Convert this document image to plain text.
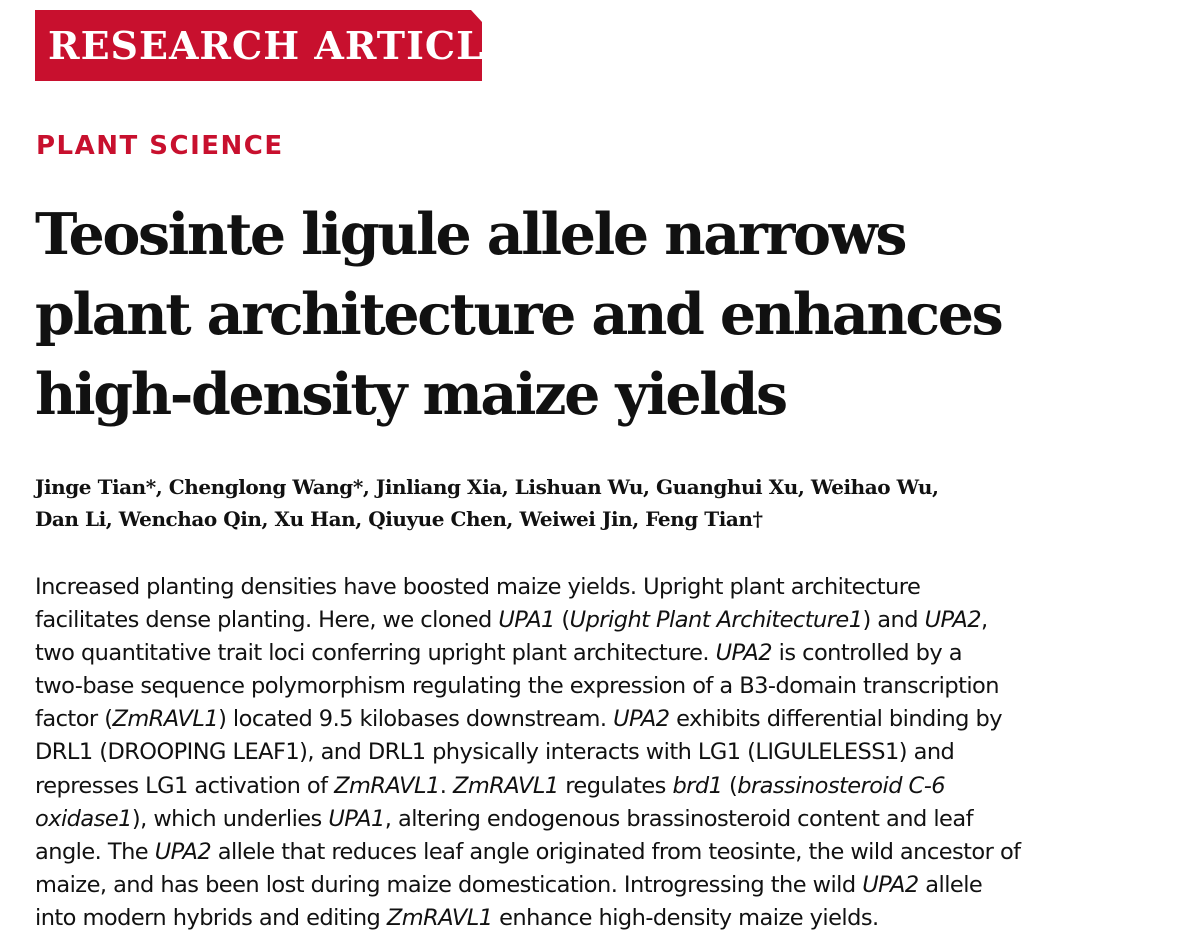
RESEARCH ARTICLE
PLANT SCIENCE
Teosinte ligule allele narrows
plant architecture and enhances
high-density maize yields
Jinge Tian*, Chenglong Wang*, Jinliang Xia, Lishuan Wu, Guanghui Xu, Weihao Wu,
Dan Li, Wenchao Qin, Xu Han, Qiuyue Chen, Weiwei Jin, Feng Tian†
Increased planting densities have boosted maize yields. Upright plant architecture
facilitates dense planting. Here, we cloned UPA1 (Upright Plant Architecture1) and UPA2,
two quantitative trait loci conferring upright plant architecture. UPA2 is controlled by a
two-base sequence polymorphism regulating the expression of a B3-domain transcription
factor (ZmRAVL1) located 9.5 kilobases downstream. UPA2 exhibits differential binding by
DRL1 (DROOPING LEAF1), and DRL1 physically interacts with LG1 (LIGULELESS1) and
represses LG1 activation of ZmRAVL1. ZmRAVL1 regulates brd1 (brassinosteroid C-6
oxidase1), which underlies UPA1, altering endogenous brassinosteroid content and leaf
angle. The UPA2 allele that reduces leaf angle originated from teosinte, the wild ancestor of
maize, and has been lost during maize domestication. Introgressing the wild UPA2 allele
into modern hybrids and editing ZmRAVL1 enhance high-density maize yields.
